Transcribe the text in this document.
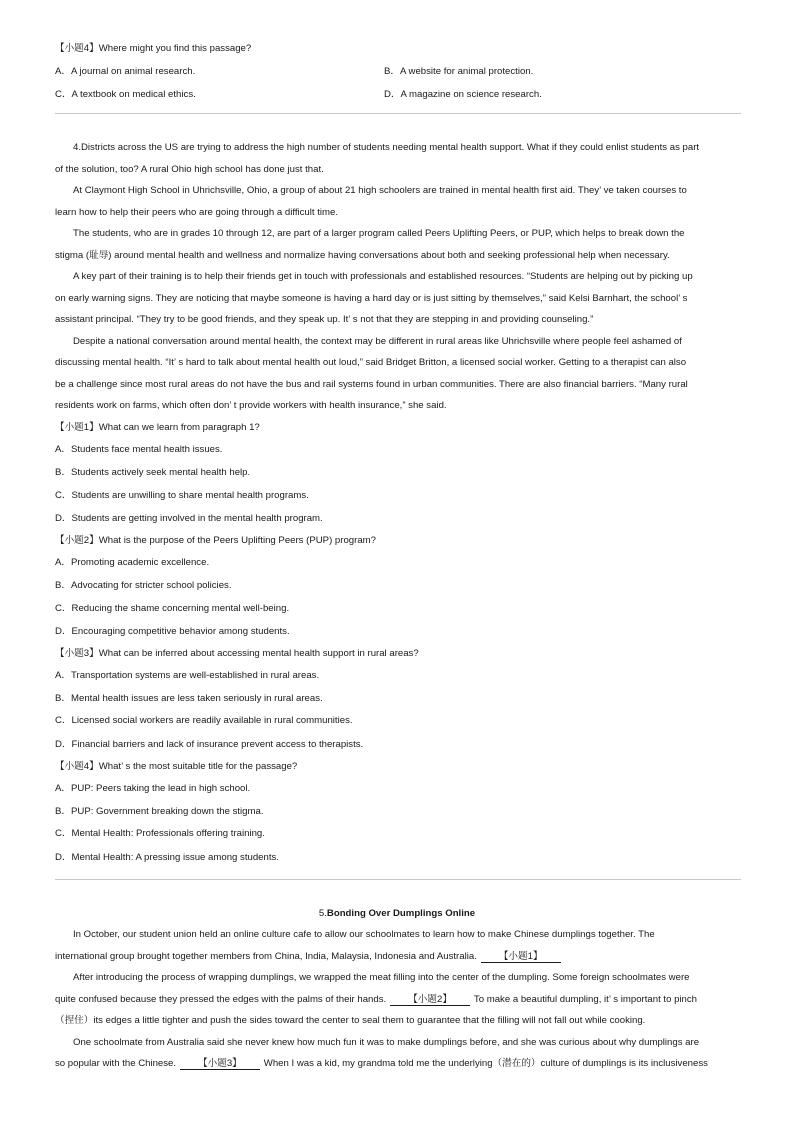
【小题4】Where might you find this passage?
A．A journal on animal research.	B．A website for animal protection.
C．A textbook on medical ethics.	D．A magazine on science research.
4.Districts across the US are trying to address the high number of students needing mental health support. What if they could enlist students as part
of the solution, too? A rural Ohio high school has done just that.
At Claymont High School in Uhrichsville, Ohio, a group of about 21 high schoolers are trained in mental health first aid. They’ ve taken courses to
learn how to help their peers who are going through a difficult time.
The students, who are in grades 10 through 12, are part of a larger program called Peers Uplifting Peers, or PUP, which helps to break down the
stigma (耻辱) around mental health and wellness and normalize having conversations about both and seeking professional help when necessary.
A key part of their training is to help their friends get in touch with professionals and established resources. “Students are helping out by picking up
on early warning signs. They are noticing that maybe someone is having a hard day or is just sitting by themselves,” said Kelsi Barnhart, the school’ s
assistant principal. “They try to be good friends, and they speak up. It’ s not that they are stepping in and providing counseling.”
Despite a national conversation around mental health, the context may be different in rural areas like Uhrichsville where people feel ashamed of
discussing mental health. “It’ s hard to talk about mental health out loud,” said Bridget Britton, a licensed social worker. Getting to a therapist can also
be a challenge since most rural areas do not have the bus and rail systems found in urban communities. There are also financial barriers. “Many rural
residents work on farms, which often don’ t provide workers with health insurance,” she said.
【小题1】What can we learn from paragraph 1?
A．Students face mental health issues.
B．Students actively seek mental health help.
C．Students are unwilling to share mental health programs.
D．Students are getting involved in the mental health program.
【小题2】What is the purpose of the Peers Uplifting Peers (PUP) program?
A．Promoting academic excellence.
B．Advocating for stricter school policies.
C．Reducing the shame concerning mental well-being.
D．Encouraging competitive behavior among students.
【小题3】What can be inferred about accessing mental health support in rural areas?
A．Transportation systems are well-established in rural areas.
B．Mental health issues are less taken seriously in rural areas.
C．Licensed social workers are readily available in rural communities.
D．Financial barriers and lack of insurance prevent access to therapists.
【小题4】What’ s the most suitable title for the passage?
A．PUP: Peers taking the lead in high school.
B．PUP: Government breaking down the stigma.
C．Mental Health: Professionals offering training.
D．Mental Health: A pressing issue among students.
5.Bonding Over Dumplings Online
In October, our student union held an online culture cafe to allow our schoolmates to learn how to make Chinese dumplings together. The
international group brought together members from China, India, Malaysia, Indonesia and Australia. 【小题1】
After introducing the process of wrapping dumplings, we wrapped the meat filling into the center of the dumpling. Some foreign schoolmates were
quite confused because they pressed the edges with the palms of their hands. 【小题2】 To make a beautiful dumpling, it’ s important to pinch
（捏住）its edges a little tighter and push the sides toward the center to seal them to guarantee that the filling will not fall out while cooking.
One schoolmate from Australia said she never knew how much fun it was to make dumplings before, and she was curious about why dumplings are
so popular with the Chinese. 【小题3】 When I was a kid, my grandma told me the underlying（潜在的）culture of dumplings is its inclusiveness
